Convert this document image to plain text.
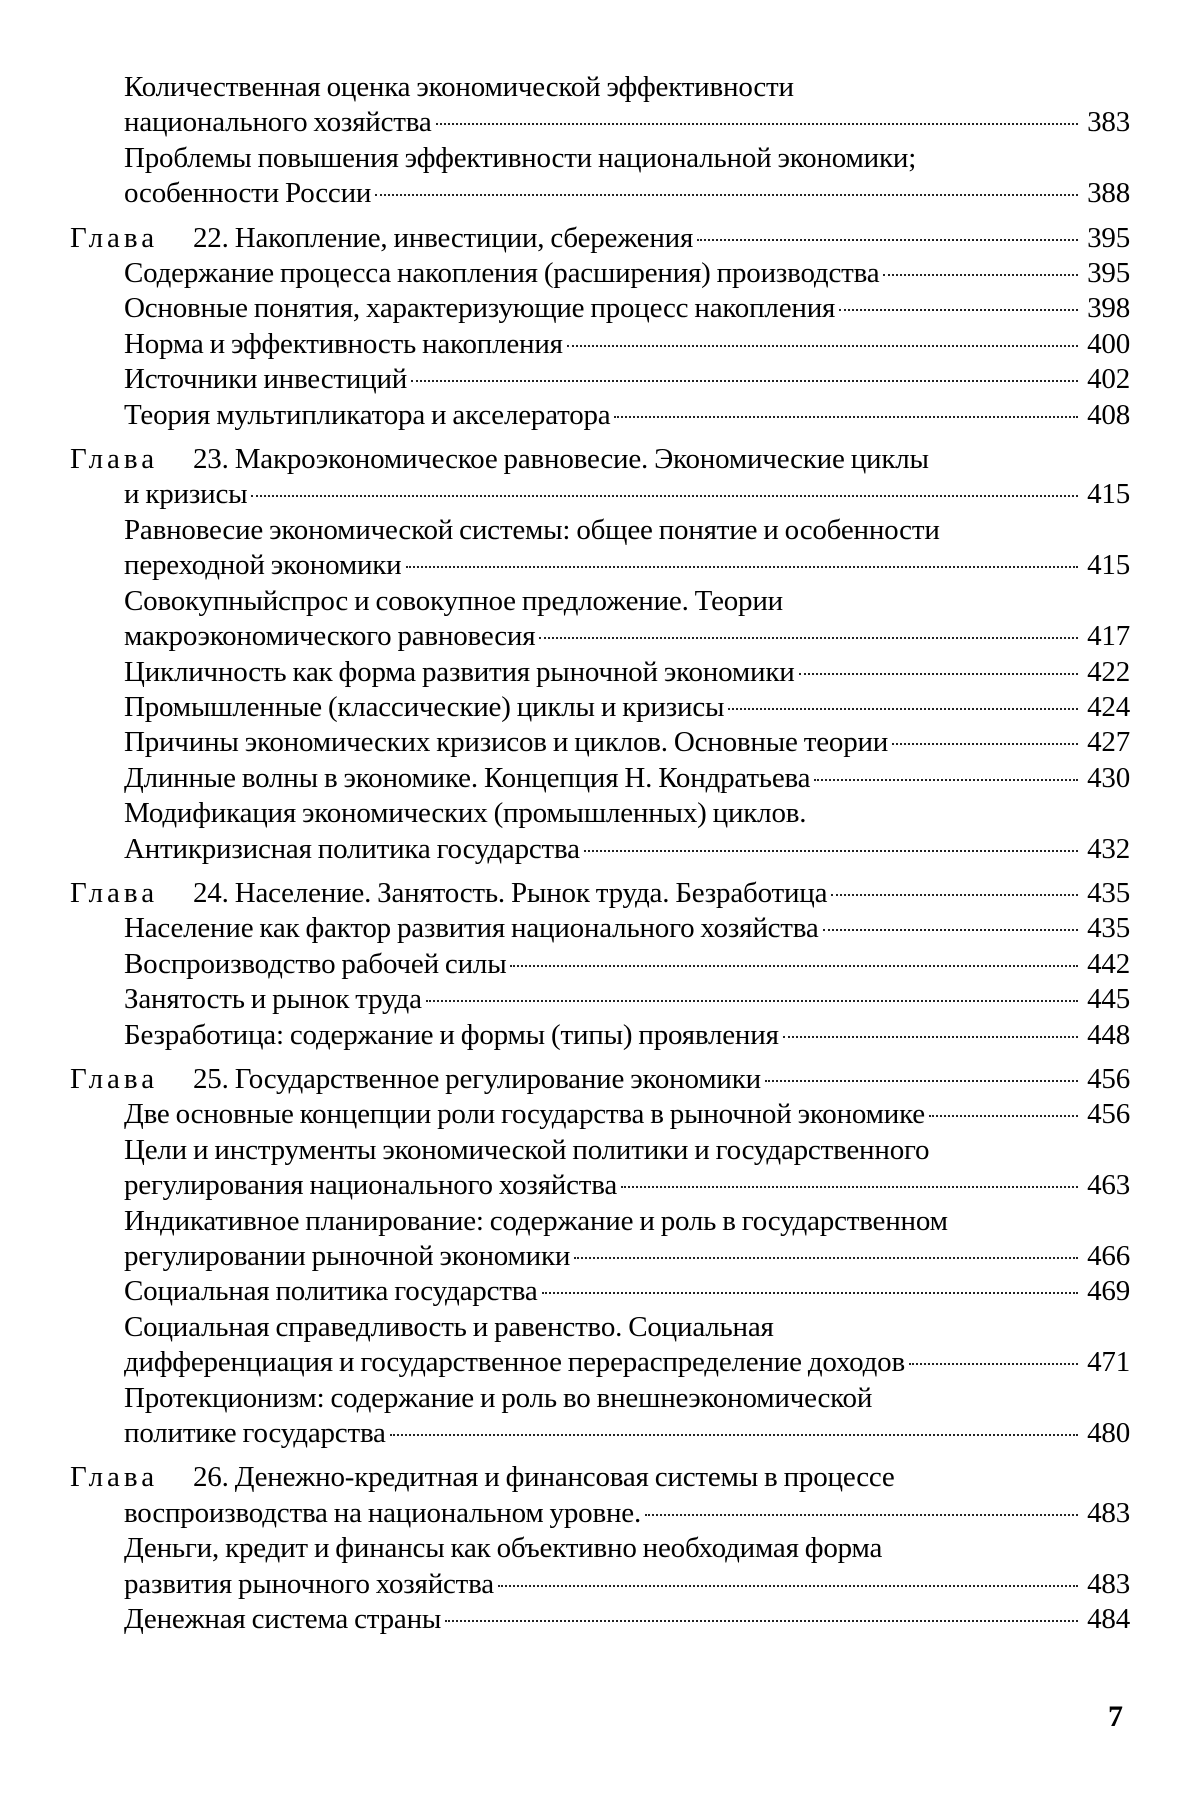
Количественная оценка экономической эффективности
национального хозяйства	383
Проблемы повышения эффективности национальной экономики;
особенности России	388
Глава	22. Накопление, инвестиции, сбережения	395
Содержание процесса накопления (расширения) производства	395
Основные понятия, характеризующие процесс накопления	398
Норма и эффективность накопления	400
Источники инвестиций	402
Теория мультипликатора и акселератора	408
Глава	23. Макроэкономическое равновесие. Экономические циклы
и кризисы	415
Равновесие экономической системы: общее понятие и особенности
переходной экономики	415
Совокупныйспрос и совокупное предложение. Теории
макроэкономического равновесия	417
Цикличность как форма развития рыночной экономики	422
Промышленные (классические) циклы и кризисы	424
Причины экономических кризисов и циклов. Основные теории	427
Длинные волны в экономике. Концепция Н. Кондратьева	430
Модификация экономических (промышленных) циклов.
Антикризисная политика государства	432
Глава	24. Население. Занятость. Рынок труда. Безработица	435
Население как фактор развития национального хозяйства	435
Воспроизводство рабочей силы	442
Занятость и рынок труда	445
Безработица: содержание и формы (типы) проявления	448
Глава	25. Государственное регулирование экономики	456
Две основные концепции роли государства в рыночной экономике	456
Цели и инструменты экономической политики и государственного
регулирования национального хозяйства	463
Индикативное планирование: содержание и роль в государственном
регулировании рыночной экономики	466
Социальная политика государства	469
Социальная справедливость и равенство. Социальная
дифференциация и государственное перераспределение доходов	471
Протекционизм: содержание и роль во внешнеэкономической
политике государства	480
Глава	26. Денежно-кредитная и финансовая системы в процессе
воспроизводства на национальном уровне.	483
Деньги, кредит и финансы как объективно необходимая форма
развития рыночного хозяйства	483
Денежная система страны	484
7
